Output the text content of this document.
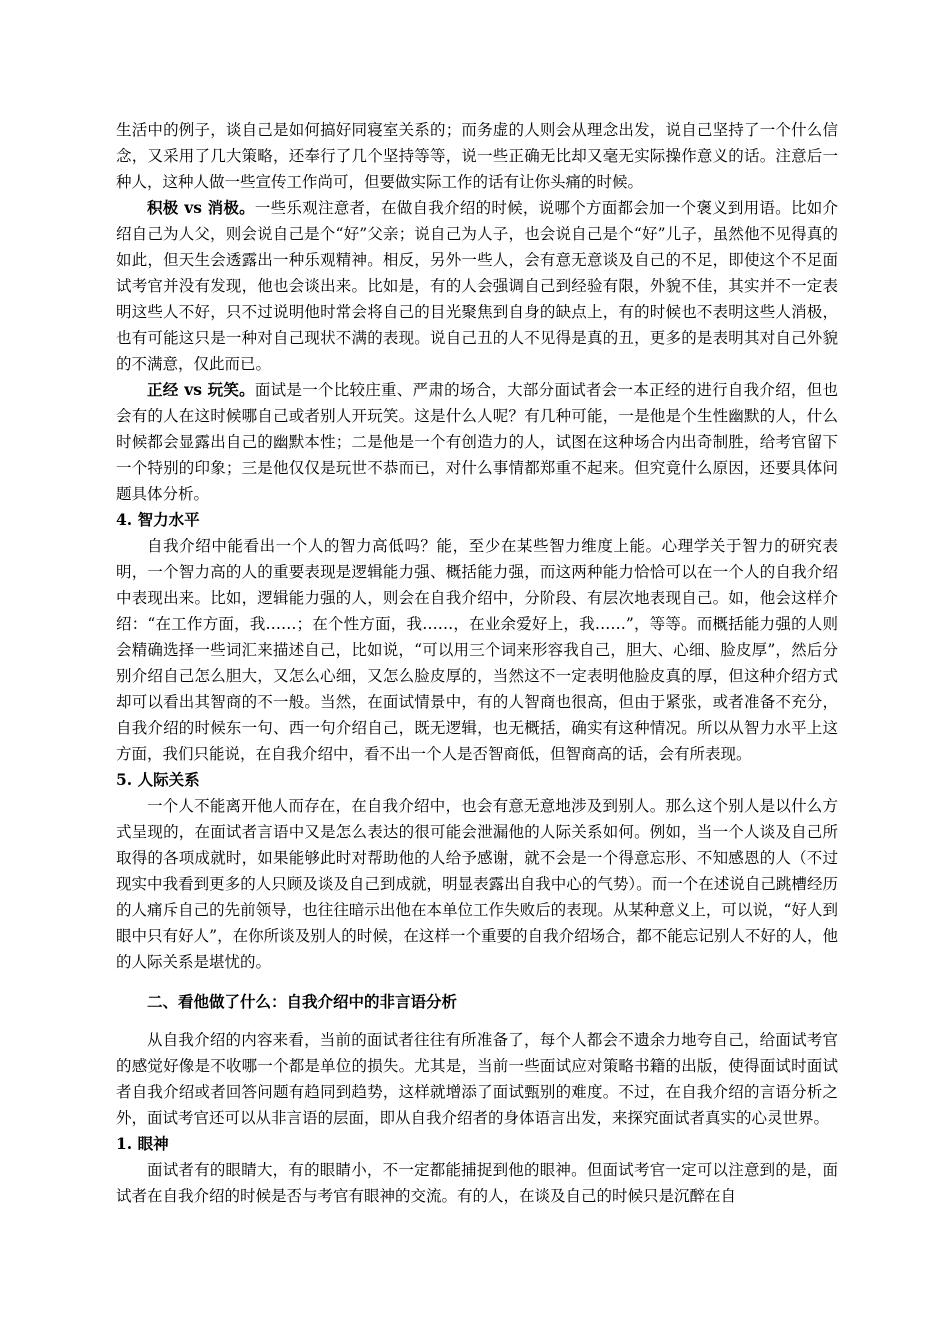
生活中的例子，谈自己是如何搞好同寝室关系的；而务虚的人则会从理念出发，说自己坚持了一个什么信念，又采用了几大策略，还奉行了几个坚持等等，说一些正确无比却又毫无实际操作意义的话。注意后一种人，这种人做一些宣传工作尚可，但要做实际工作的话有让你头痛的时候。

积极 vs 消极。一些乐观注意者，在做自我介绍的时候，说哪个方面都会加一个褒义到用语。比如介绍自己为人父，则会说自己是个“好”父亲；说自己为人子，也会说自己是个“好”儿子，虽然他不见得真的如此，但天生会透露出一种乐观精神。相反，另外一些人，会有意无意谈及自己的不足，即使这个不足面试考官并没有发现，他也会谈出来。比如是，有的人会强调自己到经验有限，外貌不佳，其实并不一定表明这些人不好，只不过说明他时常会将自己的目光聚焦到自身的缺点上，有的时候也不表明这些人消极，也有可能这只是一种对自己现状不满的表现。说自己丑的人不见得是真的丑，更多的是表明其对自己外貌的不满意，仅此而已。

正经 vs 玩笑。面试是一个比较庄重、严肃的场合，大部分面试者会一本正经的进行自我介绍，但也会有的人在这时候哪自己或者别人开玩笑。这是什么人呢？有几种可能，一是他是个生性幽默的人，什么时候都会显露出自己的幽默本性；二是他是一个有创造力的人，试图在这种场合内出奇制胜，给考官留下一个特别的印象；三是他仅仅是玩世不恭而已，对什么事情都郑重不起来。但究竟什么原因，还要具体问题具体分析。

4. 智力水平

自我介绍中能看出一个人的智力高低吗？能，至少在某些智力维度上能。心理学关于智力的研究表明，一个智力高的人的重要表现是逻辑能力强、概括能力强，而这两种能力恰恰可以在一个人的自我介绍中表现出来。比如，逻辑能力强的人，则会在自我介绍中，分阶段、有层次地表现自己。如，他会这样介绍：“在工作方面，我……；在个性方面，我……，在业余爱好上，我……”，等等。而概括能力强的人则会精确选择一些词汇来描述自己，比如说，“可以用三个词来形容我自己，胆大、心细、脸皮厚”，然后分别介绍自己怎么胆大，又怎么心细，又怎么脸皮厚的，当然这不一定表明他脸皮真的厚，但这种介绍方式却可以看出其智商的不一般。当然，在面试情景中，有的人智商也很高，但由于紧张，或者准备不充分，自我介绍的时候东一句、西一句介绍自己，既无逻辑，也无概括，确实有这种情况。所以从智力水平上这方面，我们只能说，在自我介绍中，看不出一个人是否智商低，但智商高的话，会有所表现。

5. 人际关系

一个人不能离开他人而存在，在自我介绍中，也会有意无意地涉及到别人。那么这个别人是以什么方式呈现的，在面试者言语中又是怎么表达的很可能会泄漏他的人际关系如何。例如，当一个人谈及自己所取得的各项成就时，如果能够此时对帮助他的人给予感谢，就不会是一个得意忘形、不知感恩的人（不过现实中我看到更多的人只顾及谈及自己到成就，明显表露出自我中心的气势）。而一个在述说自己跳槽经历的人痛斥自己的先前领导，也往往暗示出他在本单位工作失败后的表现。从某种意义上，可以说，“好人到眼中只有好人”，在你所谈及别人的时候，在这样一个重要的自我介绍场合，都不能忘记别人不好的人，他的人际关系是堪忧的。

二、看他做了什么：自我介绍中的非言语分析

从自我介绍的内容来看，当前的面试者往往有所准备了，每个人都会不遗余力地夸自己，给面试考官的感觉好像是不收哪一个都是单位的损失。尤其是，当前一些面试应对策略书籍的出版，使得面试时面试者自我介绍或者回答问题有趋同到趋势，这样就增添了面试甄别的难度。不过，在自我介绍的言语分析之外，面试考官还可以从非言语的层面，即从自我介绍者的身体语言出发，来探究面试者真实的心灵世界。

1. 眼神

面试者有的眼睛大，有的眼睛小，不一定都能捕捉到他的眼神。但面试考官一定可以注意到的是，面试者在自我介绍的时候是否与考官有眼神的交流。有的人，在谈及自己的时候只是沉醉在自
